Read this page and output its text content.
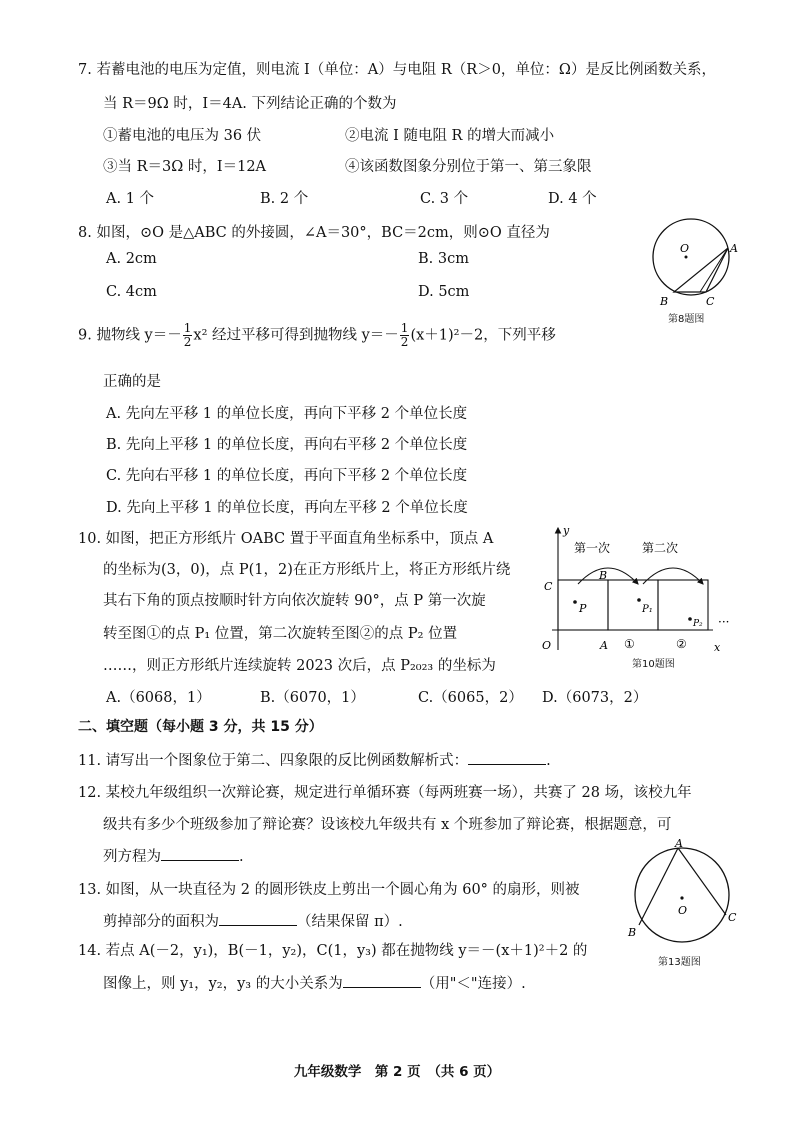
7. 若蓄电池的电压为定值，则电流 I（单位：A）与电阻 R（R＞0，单位：Ω）是反比例函数关系，
当 R＝9Ω 时，I＝4A. 下列结论正确的个数为
①蓄电池的电压为 36 伏	②电流 I 随电阻 R 的增大而减小
③当 R＝3Ω 时，I＝12A	④该函数图象分别位于第一、第三象限
A. 1 个	B. 2 个	C. 3 个	D. 4 个
8. 如图，⊙O 是△ABC 的外接圆，∠A＝30°，BC＝2cm，则⊙O 直径为
A. 2cm	B. 3cm
C. 4cm	D. 5cm
O	A
B	C
第8题图
9. 抛物线 $y=- \frac{1}{2} x^2$ 经过平移可得到抛物线 $y=- \frac{1}{2} (x+1)^2-2$，下列平移
正确的是
A. 先向左平移 1 的单位长度，再向下平移 2 个单位长度
B. 先向上平移 1 的单位长度，再向右平移 2 个单位长度
C. 先向右平移 1 的单位长度，再向下平移 2 个单位长度
D. 先向上平移 1 的单位长度，再向左平移 2 个单位长度
10. 如图，把正方形纸片 OABC 置于平面直角坐标系中，顶点 A
的坐标为(3，0)，点 P(1，2)在正方形纸片上，将正方形纸片绕
其右下角的顶点按顺时针方向依次旋转 90°，点 P 第一次旋
转至图①的点 P₁ 位置，第二次旋转至图②的点 P₂ 位置
……，则正方形纸片连续旋转 2023 次后，点 P₂₀₂₃ 的坐标为
A.（6068，1）	B.（6070，1）	C.（6065，2） D.（6073，2）
第一次	第二次
y
x
O	A
B
C
P	P₁
P₂
①	②
···
第10题图
二、填空题（每小题 3 分，共 15 分）
11. 请写出一个图象位于第二、四象限的反比例函数解析式：	.
12. 某校九年级组织一次辩论赛，规定进行单循环赛（每两班赛一场），共赛了 28 场，该校九年
级共有多少个班级参加了辩论赛？设该校九年级共有 x 个班参加了辩论赛，根据题意，可
列方程为	.
13. 如图，从一块直径为 2 的圆形铁皮上剪出一个圆心角为 60° 的扇形，则被
剪掉部分的面积为	（结果保留 π）.
A
O
B
C
第13题图
14. 若点 A(－2，y₁)，B(－1，y₂)，C(1，y₃) 都在抛物线 y＝－(x＋1)²＋2 的
图像上，则 y₁，y₂，y₃ 的大小关系为	（用"＜"连接）.
九年级数学　第 2 页　（共 6 页）
